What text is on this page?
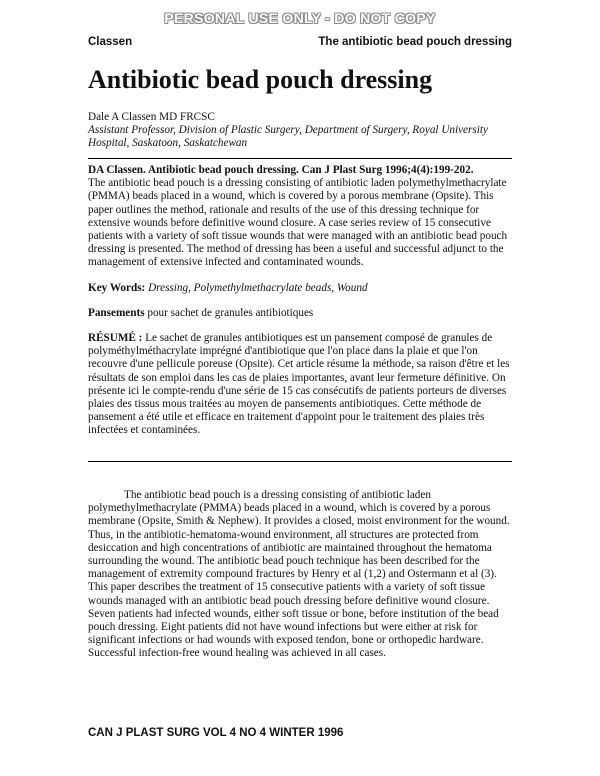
PERSONAL USE ONLY - DO NOT COPY
Classen	The antibiotic bead pouch dressing
Antibiotic bead pouch dressing
Dale A Classen MD FRCSC
Assistant Professor, Division of Plastic Surgery, Department of Surgery, Royal University Hospital, Saskatoon, Saskatchewan

DA Classen. Antibiotic bead pouch dressing. Can J Plast Surg 1996;4(4):199-202.
The antibiotic bead pouch is a dressing consisting of antibiotic laden polymethylmethacrylate (PMMA) beads placed in a wound, which is covered by a porous membrane (Opsite). This paper outlines the method, rationale and results of the use of this dressing technique for extensive wounds before definitive wound closure. A case series review of 15 consecutive patients with a variety of soft tissue wounds that were managed with an antibiotic bead pouch dressing is presented. The method of dressing has been a useful and successful adjunct to the management of extensive infected and contaminated wounds.

Key Words: Dressing, Polymethylmethacrylate beads, Wound

Pansements pour sachet de granules antibiotiques

RÉSUMÉ : Le sachet de granules antibiotiques est un pansement composé de granules de polyméthylméthacrylate imprégné d'antibiotique que l'on place dans la plaie et que l'on recouvre d'une pellicule poreuse (Opsite). Cet article résume la méthode, sa raison d'être et les résultats de son emploi dans les cas de plaies importantes, avant leur fermeture définitive. On présente ici le compte-rendu d'une série de 15 cas consécutifs de patients porteurs de diverses plaies des tissus mous traitées au moyen de pansements antibiotiques. Cette méthode de pansement a été utile et efficace en traitement d'appoint pour le traitement des plaies très infectées et contaminées.

The antibiotic bead pouch is a dressing consisting of antibiotic laden polymethylmethacrylate (PMMA) beads placed in a wound, which is covered by a porous membrane (Opsite, Smith & Nephew). It provides a closed, moist environment for the wound. Thus, in the antibiotic-hematoma-wound environment, all structures are protected from desiccation and high concentrations of antibiotic are maintained throughout the hematoma surrounding the wound. The antibiotic bead pouch technique has been described for the management of extremity compound fractures by Henry et al (1,2) and Ostermann et al (3). This paper describes the treatment of 15 consecutive patients with a variety of soft tissue wounds managed with an antibiotic bead pouch dressing before definitive wound closure. Seven patients had infected wounds, either soft tissue or bone, before institution of the bead pouch dressing. Eight patients did not have wound infections but were either at risk for significant infections or had wounds with exposed tendon, bone or orthopedic hardware. Successful infection-free wound healing was achieved in all cases.

CAN J PLAST SURG VOL 4 NO 4 WINTER 1996
